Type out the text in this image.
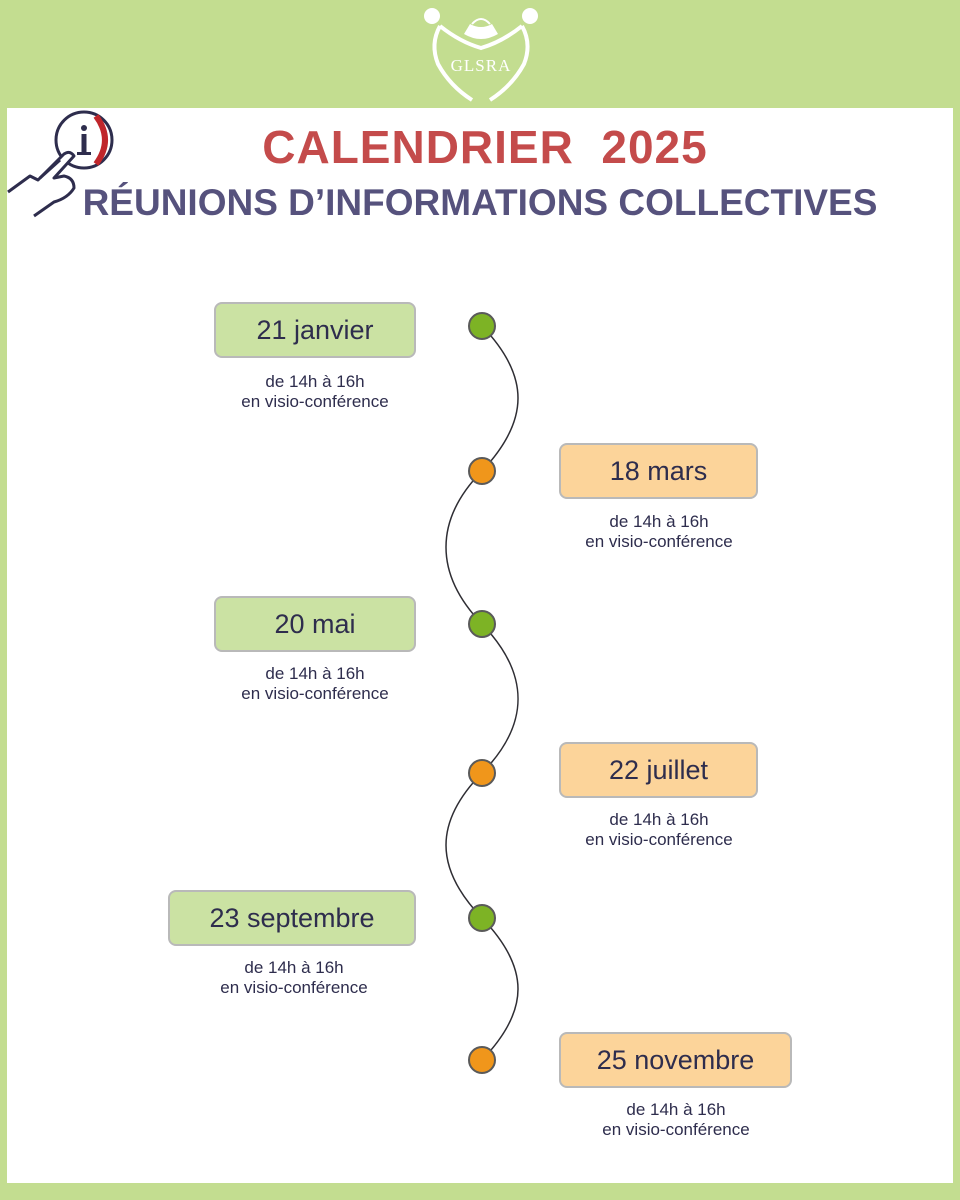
GLSRA
CALENDRIER  2025
RÉUNIONS D’INFORMATIONS COLLECTIVES
21 janvier
de 14h à 16h
en visio-conférence
18 mars
de 14h à 16h
en visio-conférence
20 mai
de 14h à 16h
en visio-conférence
22 juillet
de 14h à 16h
en visio-conférence
23 septembre
de 14h à 16h
en visio-conférence
25 novembre
de 14h à 16h
en visio-conférence
